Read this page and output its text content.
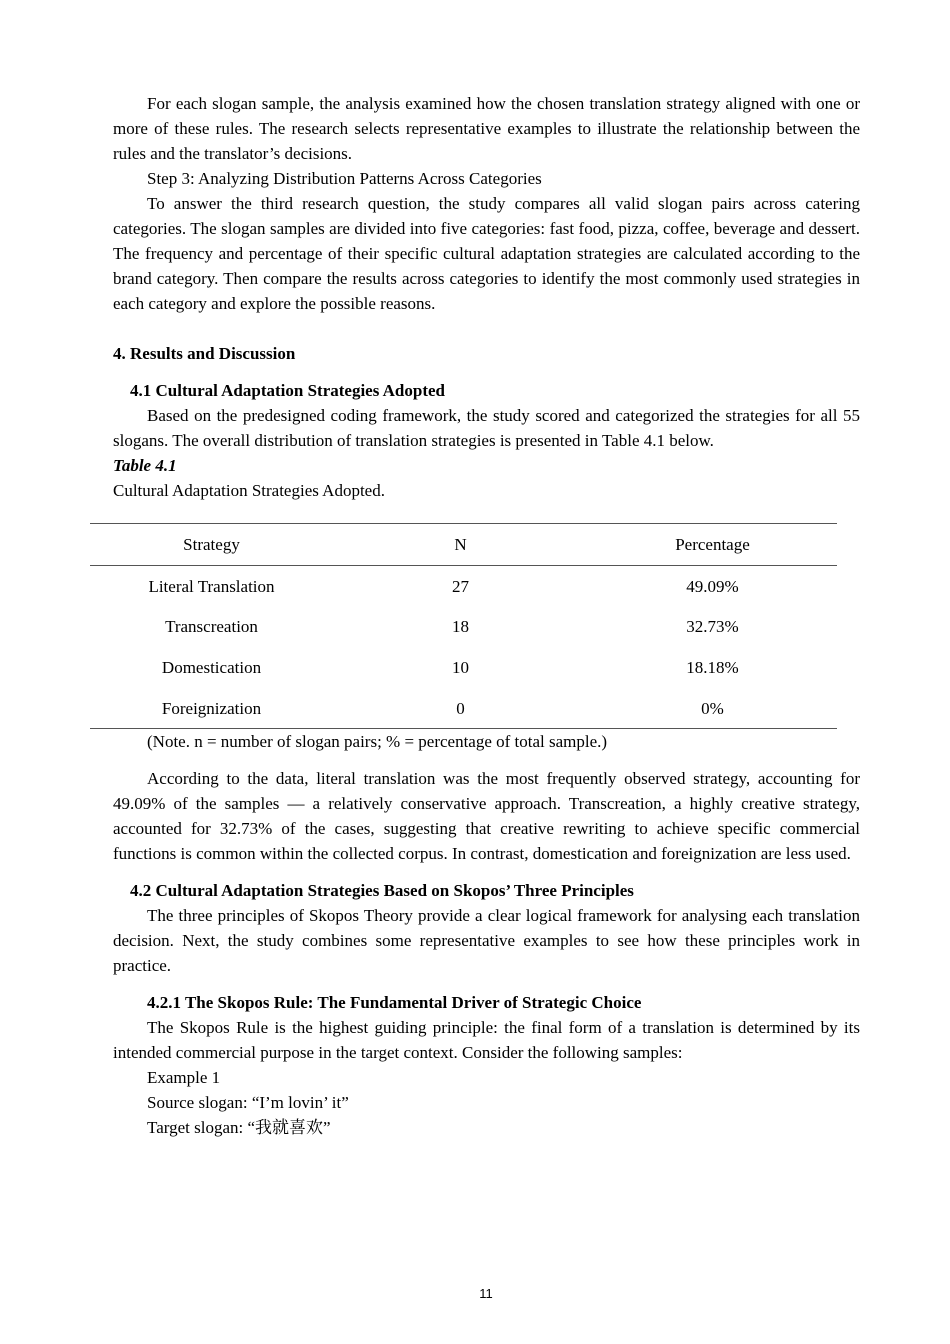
For each slogan sample, the analysis examined how the chosen translation strategy aligned with one or more of these rules. The research selects representative examples to illustrate the relationship between the rules and the translator’s decisions.

Step 3: Analyzing Distribution Patterns Across Categories

To answer the third research question, the study compares all valid slogan pairs across catering categories. The slogan samples are divided into five categories: fast food, pizza, coffee, beverage and dessert. The frequency and percentage of their specific cultural adaptation strategies are calculated according to the brand category. Then compare the results across categories to identify the most commonly used strategies in each category and explore the possible reasons.

4. Results and Discussion

4.1 Cultural Adaptation Strategies Adopted

Based on the predesigned coding framework, the study scored and categorized the strategies for all 55 slogans. The overall distribution of translation strategies is presented in Table 4.1 below.

Table 4.1

Cultural Adaptation Strategies Adopted.

Strategy	N	Percentage
Literal Translation	27	49.09%
Transcreation	18	32.73%
Domestication	10	18.18%
Foreignization	0	0%

(Note. n = number of slogan pairs; % = percentage of total sample.)

According to the data, literal translation was the most frequently observed strategy, accounting for 49.09% of the samples — a relatively conservative approach. Transcreation, a highly creative strategy, accounted for 32.73% of the cases, suggesting that creative rewriting to achieve specific commercial functions is common within the collected corpus. In contrast, domestication and foreignization are less used.

4.2 Cultural Adaptation Strategies Based on Skopos’ Three Principles

The three principles of Skopos Theory provide a clear logical framework for analysing each translation decision. Next, the study combines some representative examples to see how these principles work in practice.

4.2.1 The Skopos Rule: The Fundamental Driver of Strategic Choice

The Skopos Rule is the highest guiding principle: the final form of a translation is determined by its intended commercial purpose in the target context. Consider the following samples:

Example 1

Source slogan: “I’m lovin’ it”

Target slogan: “我就喜欢”

11
